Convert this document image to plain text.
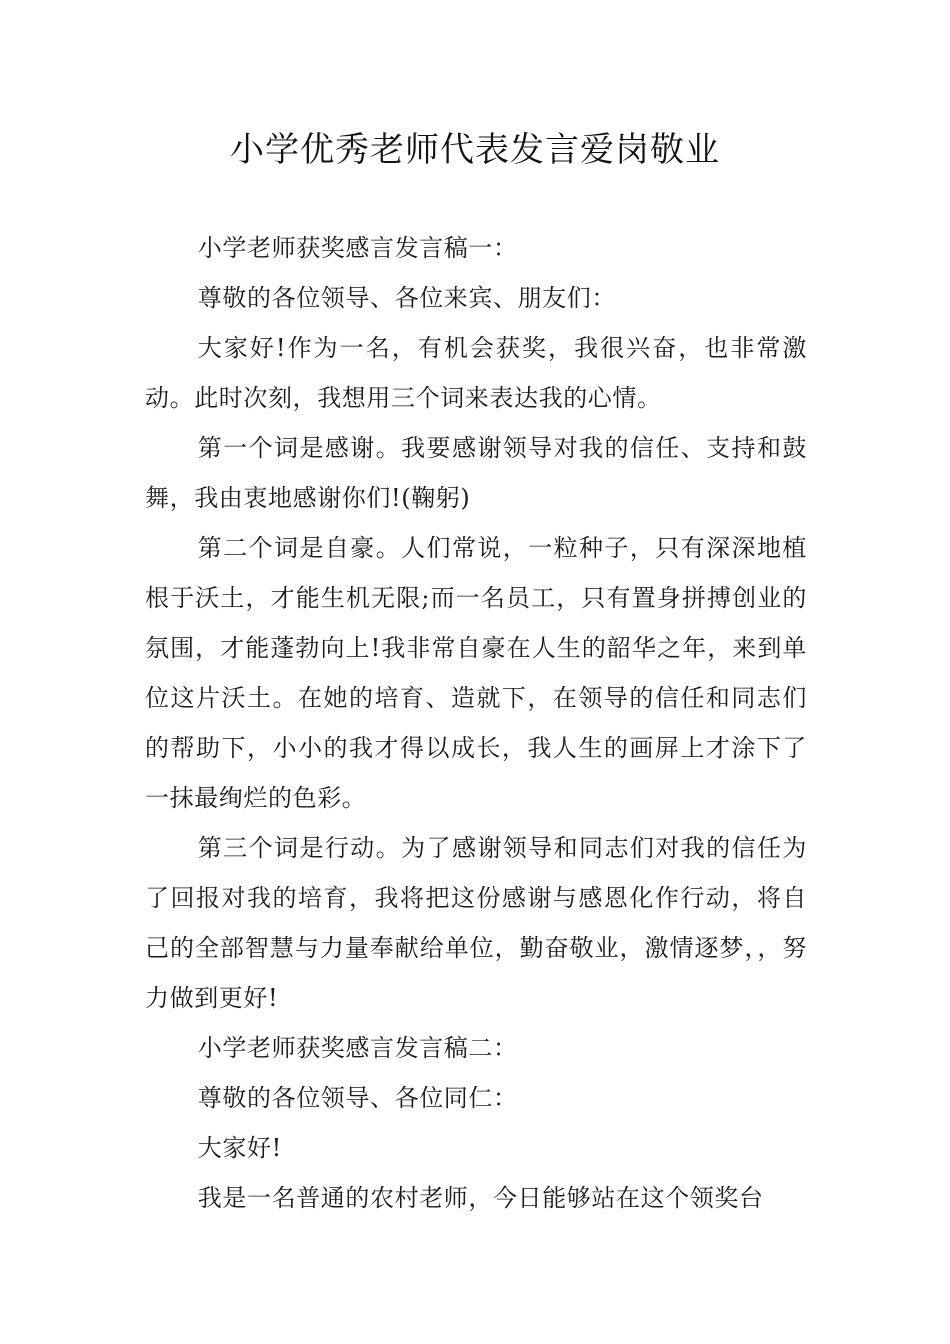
小学优秀老师代表发言爱岗敬业

小学老师获奖感言发言稿一：

尊敬的各位领导、各位来宾、朋友们：

大家好!作为一名，有机会获奖，我很兴奋，也非常激动。此时次刻，我想用三个词来表达我的心情。

第一个词是感谢。我要感谢领导对我的信任、支持和鼓舞，我由衷地感谢你们!(鞠躬)

第二个词是自豪。人们常说，一粒种子，只有深深地植根于沃土，才能生机无限;而一名员工，只有置身拼搏创业的氛围，才能蓬勃向上!我非常自豪在人生的韶华之年，来到单位这片沃土。在她的培育、造就下，在领导的信任和同志们的帮助下，小小的我才得以成长，我人生的画屏上才涂下了一抹最绚烂的色彩。

第三个词是行动。为了感谢领导和同志们对我的信任为了回报对我的培育，我将把这份感谢与感恩化作行动，将自己的全部智慧与力量奉献给单位，勤奋敬业，激情逐梦，，努力做到更好!

小学老师获奖感言发言稿二：

尊敬的各位领导、各位同仁：

大家好!

我是一名普通的农村老师，今日能够站在这个领奖台
